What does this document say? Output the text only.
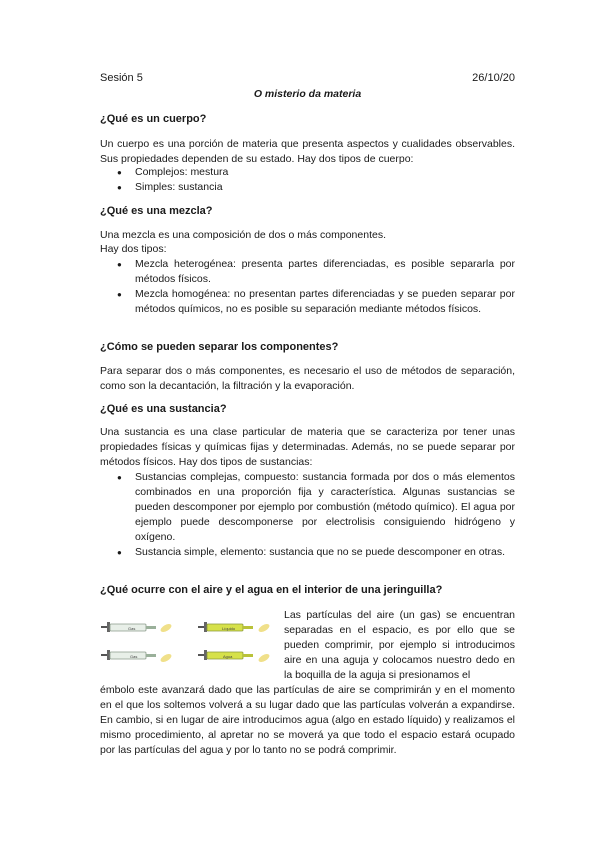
Sesión 5	26/10/20
O misterio da materia
¿Qué es un cuerpo?
Un cuerpo es una porción de materia que presenta aspectos y cualidades observables. Sus propiedades dependen de su estado. Hay dos tipos de cuerpo:
● Complejos: mestura
● Simples: sustancia
¿Qué es una mezcla?
Una mezcla es una composición de dos o más componentes.
Hay dos tipos:
● Mezcla heterogénea: presenta partes diferenciadas, es posible separarla por métodos físicos.
● Mezcla homogénea: no presentan partes diferenciadas y se pueden separar por métodos químicos, no es posible su separación mediante métodos físicos.
¿Cómo se pueden separar los componentes?
Para separar dos o más componentes, es necesario el uso de métodos de separación, como son la decantación, la filtración y la evaporación.
¿Qué es una sustancia?
Una sustancia es una clase particular de materia que se caracteriza por tener unas propiedades físicas y químicas fijas y determinadas. Además, no se puede separar por métodos físicos. Hay dos tipos de sustancias:
● Sustancias complejas, compuesto: sustancia formada por dos o más elementos combinados en una proporción fija y característica. Algunas sustancias se pueden descomponer por ejemplo por combustión (método químico). El agua por ejemplo puede descomponerse por electrolisis consiguiendo hidrógeno y oxígeno.
● Sustancia simple, elemento: sustancia que no se puede descomponer en otras.
¿Qué ocurre con el aire y el agua en el interior de una jeringuilla?
Gas
Gas
Líquido
Agua
Las partículas del aire (un gas) se encuentran separadas en el espacio, es por ello que se pueden comprimir, por ejemplo si introducimos aire en una aguja y colocamos nuestro dedo en la boquilla de la aguja si presionamos el
émbolo este avanzará dado que las partículas de aire se comprimirán y en el momento en el que los soltemos volverá a su lugar dado que las partículas volverán a expandirse. En cambio, si en lugar de aire introducimos agua (algo en estado líquido) y realizamos el mismo procedimiento, al apretar no se moverá ya que todo el espacio estará ocupado por las partículas del agua y por lo tanto no se podrá comprimir.
